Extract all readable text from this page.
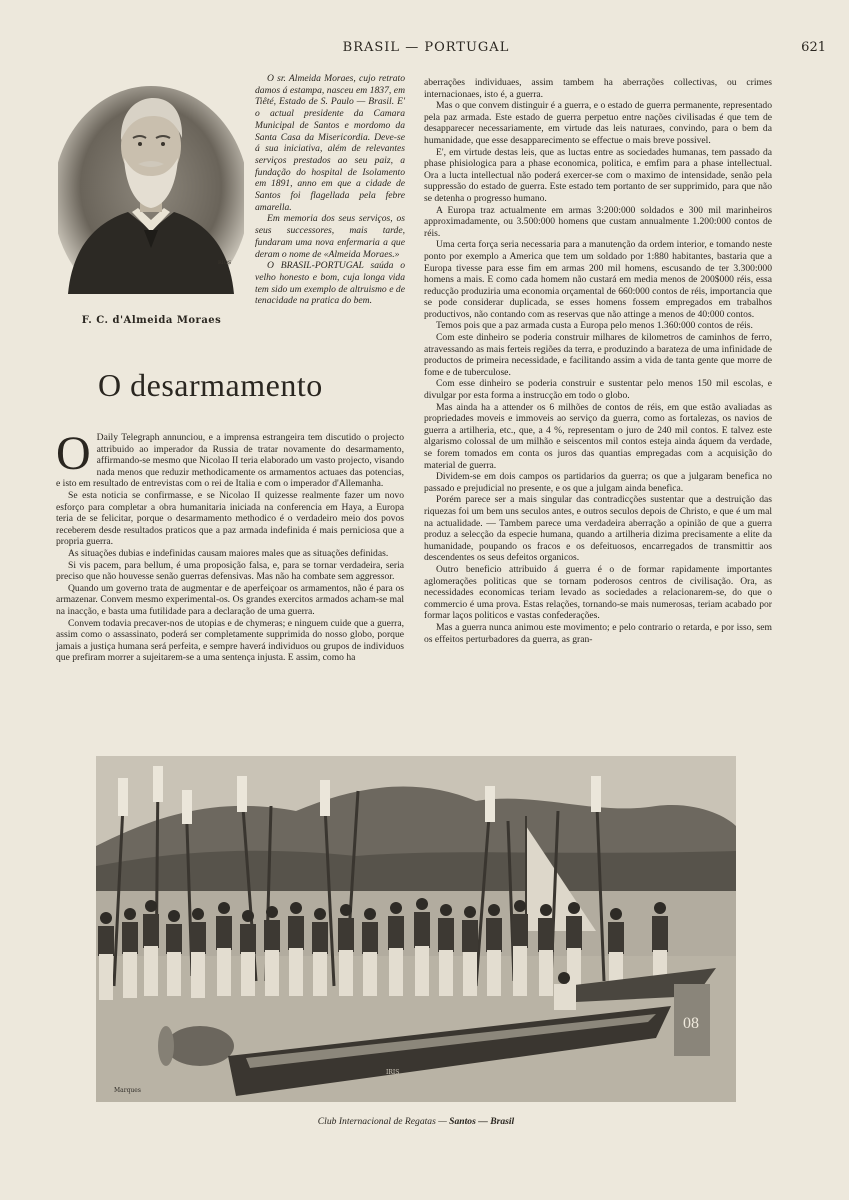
BRASIL — PORTUGAL	621
RIOS
F. C. d'Almeida Moraes

O sr. Almeida Moraes, cujo retrato damos á estampa, nasceu em 1837, em Tiêté, Estado de S. Paulo — Brasil. E' o actual presidente da Camara Municipal de Santos e mordomo da Santa Casa da Misericordia. Deve-se á sua iniciativa, além de relevantes serviços prestados ao seu paiz, a fundação do hospital de Isolamento em 1891, anno em que a cidade de Santos foi flagellada pela febre amarella.

Em memoria dos seus serviços, os seus successores, mais tarde, fundaram uma nova enfermaria a que deram o nome de «Almeida Moraes.»

O BRASIL-PORTUGAL saúda o velho honesto e bom, cuja longa vida tem sido um exemplo de altruismo e de tenacidade na pratica do bem.

O desarmamento
O Daily Telegraph annunciou, e a imprensa estrangeira tem discutido o projecto attribuido ao imperador da Russia de tratar novamente do desarmamento, affirmando-se mesmo que Nicolao II teria elaborado um vasto projecto, visando nada menos que reduzir methodicamente os armamentos actuaes das potencias, e isto em resultado de entrevistas com o rei de Italia e com o imperador d'Allemanha.

Se esta noticia se confirmasse, e se Nicolao II quizesse realmente fazer um novo esforço para completar a obra humanitaria iniciada na conferencia em Haya, a Europa teria de se felicitar, porque o desarmamento methodico é o verdadeiro meio dos povos receberem desde resultados praticos que a paz armada indefinida é mais perniciosa que a propria guerra.

As situações dubias e indefinidas causam maiores males que as situações definidas.

Si vis pacem, para bellum, é uma proposição falsa, e, para se tornar verdadeira, seria preciso que não houvesse senão guerras defensivas. Mas não ha combate sem aggressor.

Quando um governo trata de augmentar e de aperfeiçoar os armamentos, não é para os armazenar. Convem mesmo experimental-os. Os grandes exercitos armados acham-se mal na inacção, e basta uma futilidade para a declaração de uma guerra.

Convem todavia precaver-nos de utopias e de chymeras; e ninguem cuide que a guerra, assim como o assassinato, poderá ser completamente supprimida do nosso globo, porque jamais a justiça humana será perfeita, e sempre haverá individuos ou grupos de individuos que prefiram morrer a sujeitarem-se a uma sentença injusta. E assim, como ha

aberrações individuaes, assim tambem ha aberrações collectivas, ou crimes internacionaes, isto é, a guerra.

Mas o que convem distinguir é a guerra, e o estado de guerra permanente, representado pela paz armada. Este estado de guerra perpetuo entre nações civilisadas é que tem de desapparecer necessariamente, em virtude das leis naturaes, convindo, para o bem da humanidade, que esse desapparecimento se effectue o mais breve possivel.

E', em virtude destas leis, que as luctas entre as sociedades humanas, tem passado da phase phisiologica para a phase economica, politica, e emfim para a phase intellectual. Ora a lucta intellectual não poderá exercer-se com o maximo de intensidade, senão pela suppressão do estado de guerra. Este estado tem portanto de ser supprimido, para que não se detenha o progresso humano.

A Europa traz actualmente em armas 3:200:000 soldados e 300 mil marinheiros approximadamente, ou 3.500:000 homens que custam annualmente 1.200:000 contos de réis.

Uma certa força seria necessaria para a manutenção da ordem interior, e tomando neste ponto por exemplo a America que tem um soldado por 1:880 habitantes, bastaria que a Europa tivesse para esse fim em armas 200 mil homens, escusando de ter 3.300:000 homens a mais. E como cada homem não custará em media menos de 200$000 réis, essa reducção produziria uma economia orçamental de 660:000 contos de réis, importancia que se pode considerar duplicada, se esses homens fossem empregados em trabalhos productivos, não contando com as reservas que não attinge a menos de 40:000 contos.

Temos pois que a paz armada custa a Europa pelo menos 1.360:000 contos de réis.

Com este dinheiro se poderia construir milhares de kilometros de caminhos de ferro, atravessando as mais ferteis regiões da terra, e produzindo a barateza de uma infinidade de productos de primeira necessidade, e facilitando assim a vida de tanta gente que morre de fome e de tuberculose.

Com esse dinheiro se poderia construir e sustentar pelo menos 150 mil escolas, e divulgar por esta forma a instrucção em todo o globo.

Mas ainda ha a attender os 6 milhões de contos de réis, em que estão avaliadas as propriedades moveis e immoveis ao serviço da guerra, como as fortalezas, os navios de guerra a artilheria, etc., que, a 4 %, representam o juro de 240 mil contos. E talvez este algarismo colossal de um milhão e seiscentos mil contos esteja ainda áquem da verdade, se forem tomados em conta os juros das quantias empregadas com a acquisição do material de guerra.

Dividem-se em dois campos os partidarios da guerra; os que a julgaram benefica no passado e prejudicial no presente, e os que a julgam ainda benefica.

Porém parece ser a mais singular das contradicções sustentar que a destruição das riquezas foi um bem uns seculos antes, e outros seculos depois de Christo, e que é um mal na actualidade. — Tambem parece uma verdadeira aberração a opinião de que a guerra produz a selecção da especie humana, quando a artilheria dizima precisamente a elite da humanidade, poupando os fracos e os defeituosos, encarregados de transmittir aos descendentes os seus defeitos organicos.

Outro beneficio attribuido á guerra é o de formar rapidamente importantes aglomerações politicas que se tornam poderosos centros de civilisação. Ora, as necessidades economicas teriam levado as sociedades a relacionarem-se, do que o commercio é uma prova. Estas relações, tornando-se mais numerosas, teriam acabado por formar laços politicos e vastas confederações.

Mas a guerra nunca animou este movimento; e pelo contrario o retarda, e por isso, sem os effeitos perturbadores da guerra, as gran-

08
IRIS
Marques
Club Internacional de Regatas — Santos — Brasil
